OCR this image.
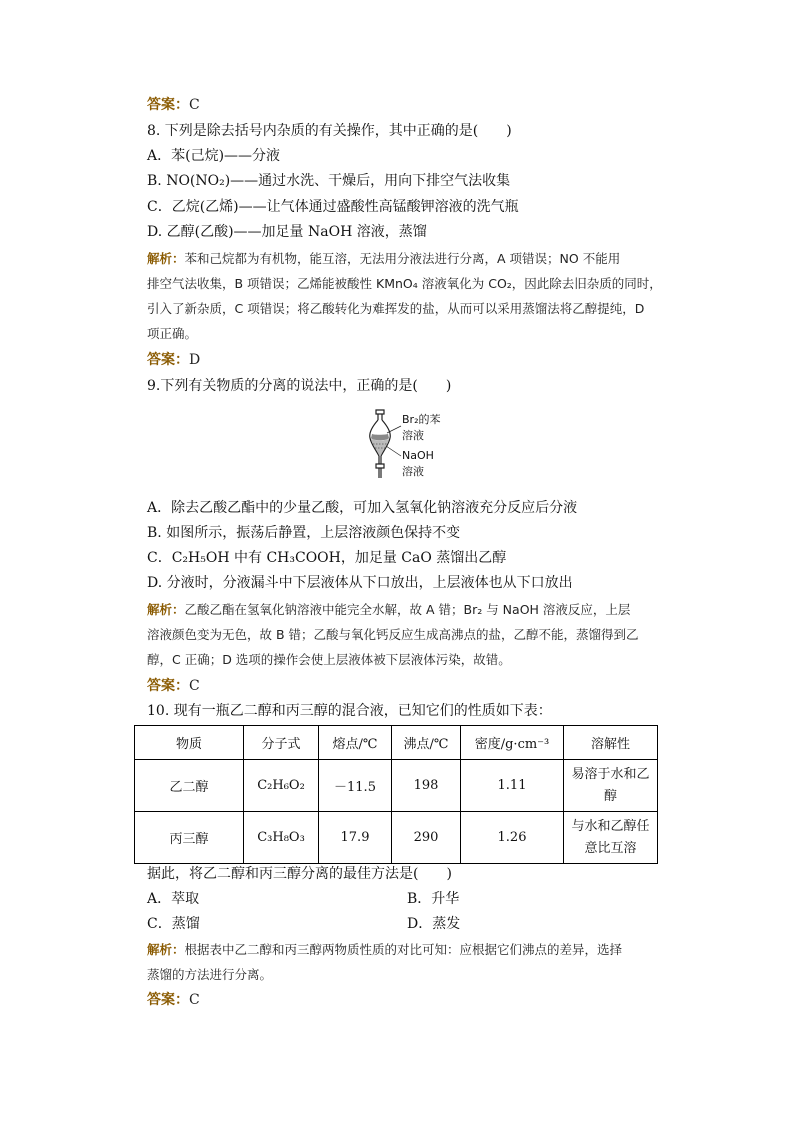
答案：C
8. 下列是除去括号内杂质的有关操作，其中正确的是(　　)
A．苯(己烷)——分液
B. NO(NO₂)——通过水洗、干燥后，用向下排空气法收集
C．乙烷(乙烯)——让气体通过盛酸性高锰酸钾溶液的洗气瓶
D. 乙醇(乙酸)——加足量 NaOH 溶液，蒸馏
解析：苯和己烷都为有机物，能互溶，无法用分液法进行分离，A 项错误；NO 不能用
排空气法收集，B 项错误；乙烯能被酸性 KMnO₄ 溶液氧化为 CO₂，因此除去旧杂质的同时，
引入了新杂质，C 项错误；将乙酸转化为难挥发的盐，从而可以采用蒸馏法将乙醇提纯，D
项正确。
答案：D
9.下列有关物质的分离的说法中，正确的是(　　)
Br₂的苯
溶液
NaOH
溶液
A．除去乙酸乙酯中的少量乙酸，可加入氢氧化钠溶液充分反应后分液
B. 如图所示，振荡后静置，上层溶液颜色保持不变
C．C₂H₅OH 中有 CH₃COOH，加足量 CaO 蒸馏出乙醇
D. 分液时，分液漏斗中下层液体从下口放出，上层液体也从下口放出
解析：乙酸乙酯在氢氧化钠溶液中能完全水解，故 A 错；Br₂ 与 NaOH 溶液反应，上层
溶液颜色变为无色，故 B 错；乙酸与氧化钙反应生成高沸点的盐，乙醇不能，蒸馏得到乙
醇，C 正确；D 选项的操作会使上层液体被下层液体污染，故错。
答案：C
10. 现有一瓶乙二醇和丙三醇的混合液，已知它们的性质如下表：
物质	分子式	熔点/℃	沸点/℃	密度/g·cm⁻³	溶解性
乙二醇	C₂H₆O₂	－11.5	198	1.11	易溶于水和乙醇
丙三醇	C₃H₈O₃	17.9	290	1.26	与水和乙醇任意比互溶
据此，将乙二醇和丙三醇分离的最佳方法是(　　)
A．萃取	B．升华
C．蒸馏	D．蒸发
解析：根据表中乙二醇和丙三醇两物质性质的对比可知：应根据它们沸点的差异，选择
蒸馏的方法进行分离。
答案：C
